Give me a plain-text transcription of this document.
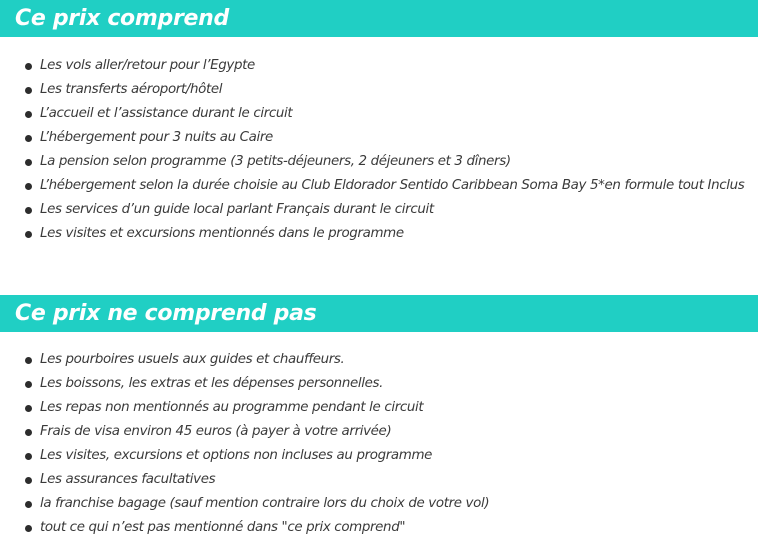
Ce prix comprend
Les vols aller/retour pour l’Egypte
Les transferts aéroport/hôtel
L’accueil et l’assistance durant le circuit
L’hébergement pour 3 nuits au Caire
La pension selon programme (3 petits-déjeuners, 2 déjeuners et 3 dîners)
L’hébergement selon la durée choisie au Club Eldorador Sentido Caribbean Soma Bay 5*en formule tout Inclus
Les services d’un guide local parlant Français durant le circuit
Les visites et excursions mentionnés dans le programme
Ce prix ne comprend pas
Les pourboires usuels aux guides et chauffeurs.
Les boissons, les extras et les dépenses personnelles.
Les repas non mentionnés au programme pendant le circuit
Frais de visa environ 45 euros (à payer à votre arrivée)
Les visites, excursions et options non incluses au programme
Les assurances facultatives
la franchise bagage (sauf mention contraire lors du choix de votre vol)
tout ce qui n’est pas mentionné dans "ce prix comprend"
